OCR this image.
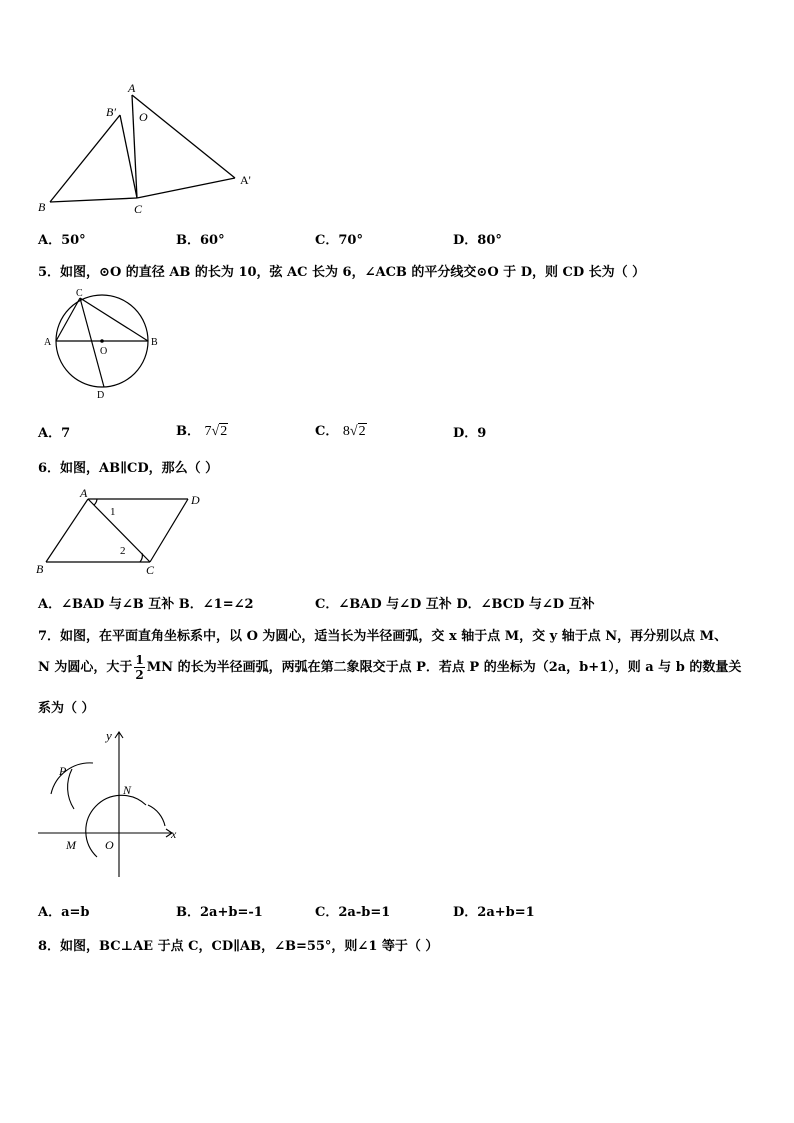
A
B′ O
A'
B	C
A．50°	B．60°	C．70°	D．80°
5．如图，⊙O 的直径 AB 的长为 10，弦 AC 长为 6，∠ACB 的平分线交⊙O 于 D，则 CD 长为（ ）
C
A
O
B
D
A．7	B． 7√2	C． 8√2	D．9
6．如图，AB∥CD，那么（ ）
A	D
B	C
1
2
A．∠BAD 与∠B 互补 B．∠1=∠2	C．∠BAD 与∠D 互补 D．∠BCD 与∠D 互补
7．如图，在平面直角坐标系中，以 O 为圆心，适当长为半径画弧，交 x 轴于点 M，交 y 轴于点 N，再分别以点 M、
N 为圆心，大于 $\frac{1}{2}$ MN 的长为半径画弧，两弧在第二象限交于点 P．若点 P 的坐标为（2a，b+1），则 a 与 b 的数量关
系为（ ）
y
x
P
N
M O
A．a=b	B．2a+b=-1	C．2a-b=1	D．2a+b=1
8．如图，BC⊥AE 于点 C，CD∥AB，∠B=55°，则∠1 等于（ ）
